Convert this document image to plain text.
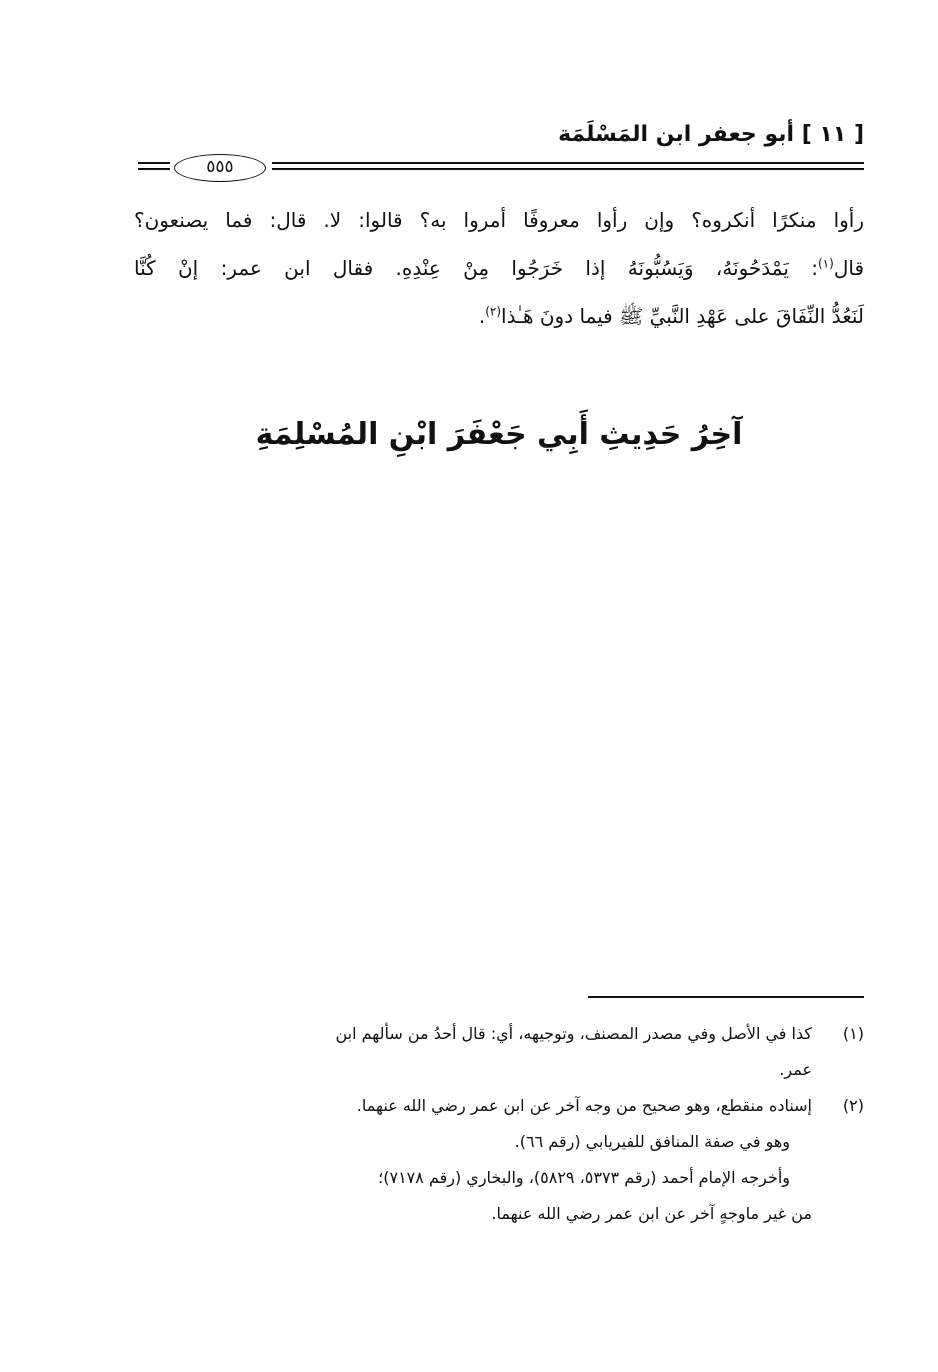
[ ١١ ] أبو جعفر ابن المَسْلَمَة
٥٥٥
رأوا منكرًا أنكروه؟ وإن رأوا معروفًا أمروا به؟ قالوا: لا. قال: فما يصنعون؟
قال$^{(١)}$: يَمْدَحُونَهُ، وَيَسُبُّونَهُ إذا خَرَجُوا مِنْ عِنْدِهِ. فقال ابن عمر: إنْ كُنَّا
لَنَعُدُّ النِّفَاقَ على عَهْدِ النَّبيِّ ﷺ فيما دونَ هَـٰذا$^{(٢)}$.
آخِرُ حَدِيثِ أَبِي جَعْفَرَ ابْنِ المُسْلِمَةِ
(١)
كذا في الأصل وفي مصدر المصنف، وتوجيهه، أي: قال أحدُ من سألهم ابن
عمر.
(٢)
إسناده منقطع، وهو صحيح من وجه آخر عن ابن عمر رضي الله عنهما.
وهو في صفة المنافق للفيريابي (رقم ٦٦).
وأخرجه الإمام أحمد (رقم ٥٣٧٣، ٥٨٢٩)، والبخاري (رقم ٧١٧٨)؛
من غير ماوجهٍ آخر عن ابن عمر رضي الله عنهما.
